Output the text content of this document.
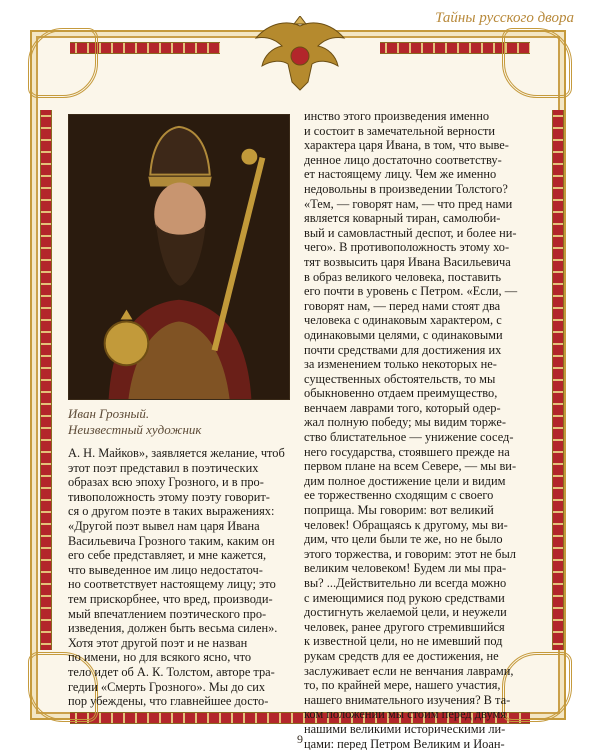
Тайны русского двора
Иван Грозный.
Неизвестный художник
А. Н. Майков», заявляется желание, чтоб
этот поэт представил в поэтических
образах всю эпоху Грозного, и в про-
тивоположность этому поэту говорит-
ся о другом поэте в таких выражениях:
«Другой поэт вывел нам царя Ивана
Васильевича Грозного таким, каким он
его себе представляет, и мне кажется,
что выведенное им лицо недостаточ-
но соответствует настоящему лицу; это
тем прискорбнее, что вред, производи-
мый впечатлением поэтического про-
изведения, должен быть весьма силен».
Хотя этот другой поэт и не назван
по имени, но для всякого ясно, что
тело идет об А. К. Толстом, авторе тра-
гедии «Смерть Грозного». Мы до сих
пор убеждены, что главнейшее досто-
инство этого произведения именно
и состоит в замечательной верности
характера царя Ивана, в том, что выве-
денное лицо достаточно соответству-
ет настоящему лицу. Чем же именно
недовольны в произведении Толстого?
«Тем, — говорят нам, — что пред нами
является коварный тиран, самолюби-
вый и самовластный деспот, и более ни-
чего». В противоположность этому хо-
тят возвысить царя Ивана Васильевича
в образ великого человека, поставить
его почти в уровень с Петром. «Если, —
говорят нам, — перед нами стоят два
человека с одинаковым характером, с
одинаковыми целями, с одинаковыми
почти средствами для достижения их
за изменением только некоторых не-
существенных обстоятельств, то мы
обыкновенно отдаем преимущество,
венчаем лаврами того, который одер-
жал полную победу; мы видим торже-
ство блистательное — унижение сосед-
него государства, стоявшего прежде на
первом плане на всем Севере, — мы ви-
дим полное достижение цели и видим
ее торжественно сходящим с своего
поприща. Мы говорим: вот великий
человек! Обращаясь к другому, мы ви-
дим, что цели были те же, но не было
этого торжества, и говорим: этот не был
великим человеком! Будем ли мы пра-
вы? ...Действительно ли всегда можно
с имеющимися под рукою средствами
достигнуть желаемой цели, и неужели
человек, ранее другого стремившийся
к известной цели, но не имевший под
рукам средств для ее достижения, не
заслуживает если не венчания лаврами,
то, по крайней мере, нашего участия,
нашего внимательного изучения? В та-
ком положении мы стоим перед двумя
нашими великими историческими ли-
цами: перед Петром Великим и Иоан-
9
